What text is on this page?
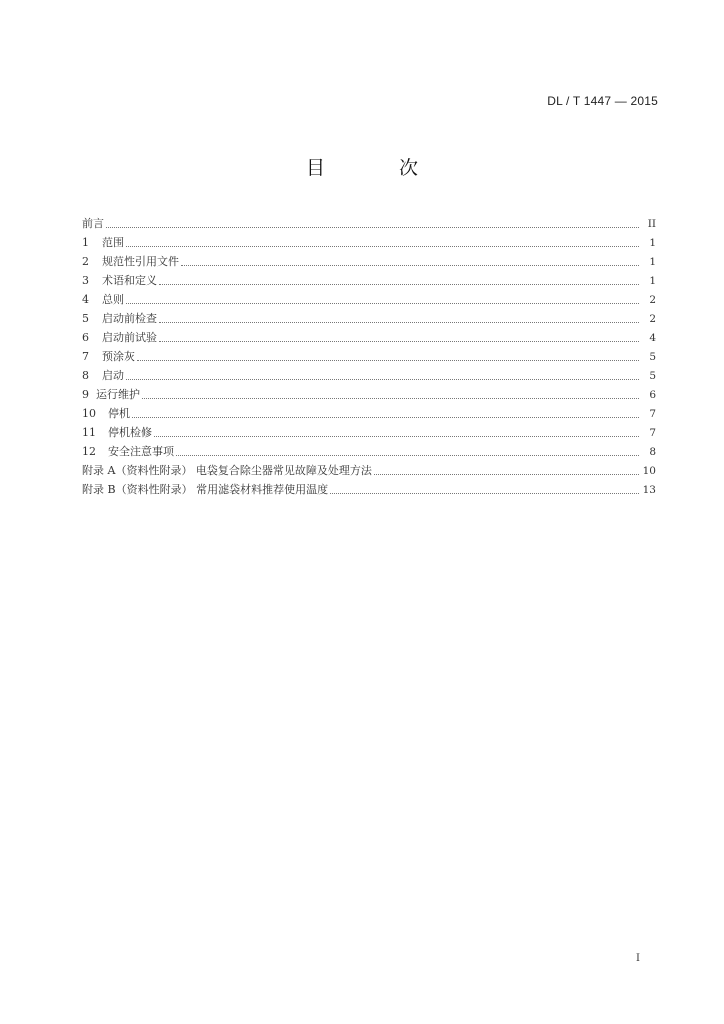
DL / T 1447 — 2015
目 次
前言	II
1 范围	1
2 规范性引用文件	1
3 术语和定义	1
4 总则	2
5 启动前检查	2
6 启动前试验	4
7 预涂灰	5
8 启动	5
9 运行维护	6
10 停机	7
11 停机检修	7
12 安全注意事项	8
附录 A（资料性附录） 电袋复合除尘器常见故障及处理方法	10
附录 B（资料性附录） 常用滤袋材料推荐使用温度	13
I
